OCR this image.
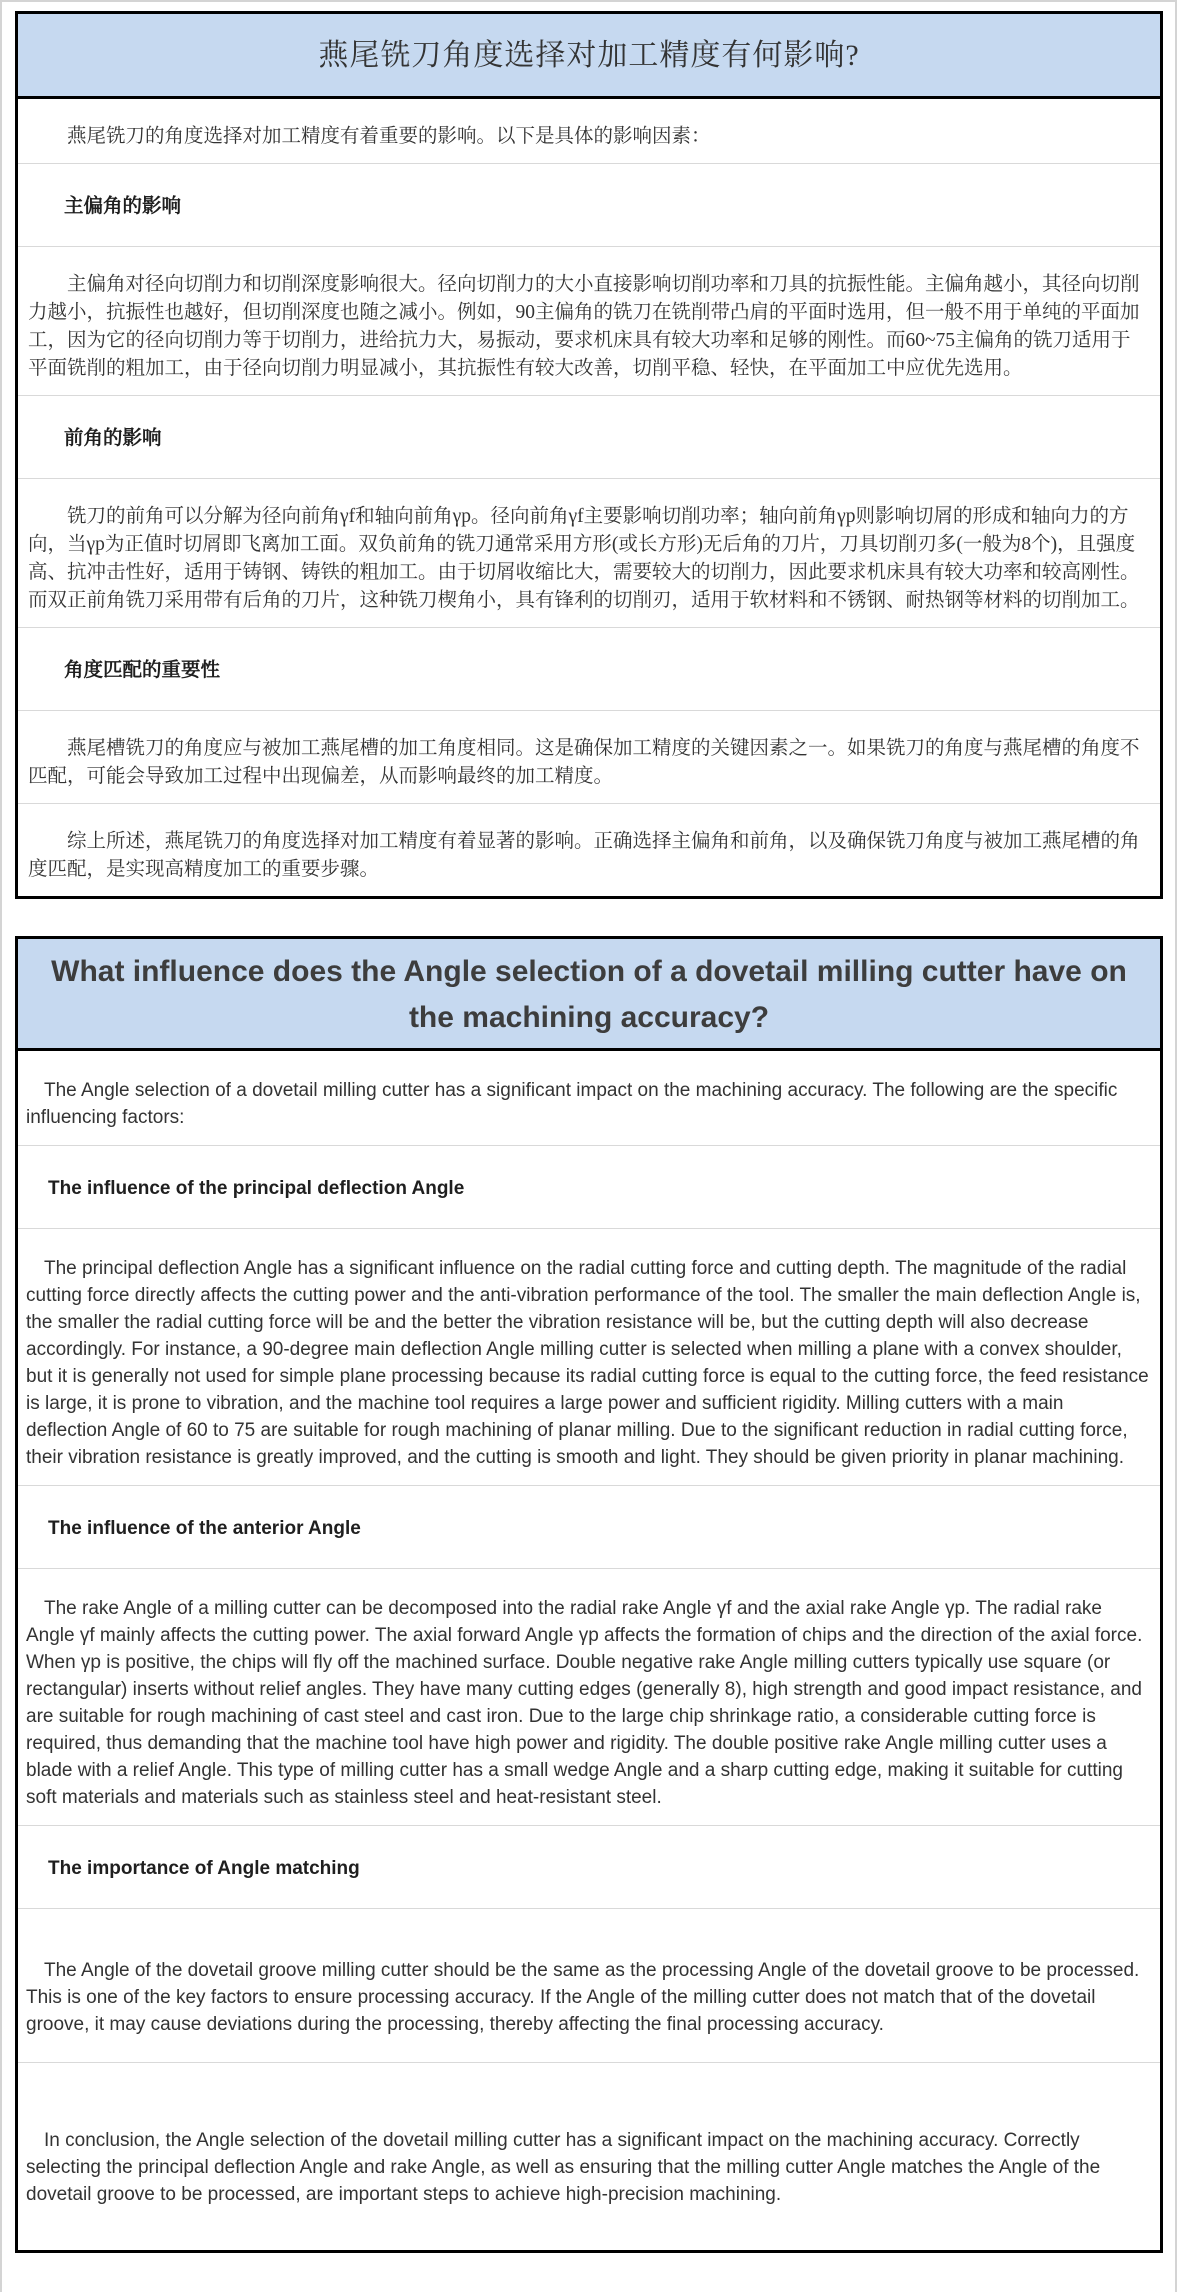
燕尾铣刀角度选择对加工精度有何影响?

燕尾铣刀的角度选择对加工精度有着重要的影响。以下是具体的影响因素：

主偏角的影响

主偏角对径向切削力和切削深度影响很大。径向切削力的大小直接影响切削功率和刀具的抗振性能。主偏角越小，其径向切削力越小，抗振性也越好，但切削深度也随之减小。例如，90主偏角的铣刀在铣削带凸肩的平面时选用，但一般不用于单纯的平面加工，因为它的径向切削力等于切削力，进给抗力大，易振动，要求机床具有较大功率和足够的刚性。而60~75主偏角的铣刀适用于平面铣削的粗加工，由于径向切削力明显减小，其抗振性有较大改善，切削平稳、轻快，在平面加工中应优先选用。

前角的影响

铣刀的前角可以分解为径向前角γf和轴向前角γp。径向前角γf主要影响切削功率；轴向前角γp则影响切屑的形成和轴向力的方向，当γp为正值时切屑即飞离加工面。双负前角的铣刀通常采用方形(或长方形)无后角的刀片，刀具切削刃多(一般为8个)，且强度高、抗冲击性好，适用于铸钢、铸铁的粗加工。由于切屑收缩比大，需要较大的切削力，因此要求机床具有较大功率和较高刚性。而双正前角铣刀采用带有后角的刀片，这种铣刀楔角小，具有锋利的切削刃，适用于软材料和不锈钢、耐热钢等材料的切削加工。

角度匹配的重要性

燕尾槽铣刀的角度应与被加工燕尾槽的加工角度相同。这是确保加工精度的关键因素之一。如果铣刀的角度与燕尾槽的角度不匹配，可能会导致加工过程中出现偏差，从而影响最终的加工精度。

综上所述，燕尾铣刀的角度选择对加工精度有着显著的影响。正确选择主偏角和前角，以及确保铣刀角度与被加工燕尾槽的角度匹配，是实现高精度加工的重要步骤。

What influence does the Angle selection of a dovetail milling cutter have on the machining accuracy?

The Angle selection of a dovetail milling cutter has a significant impact on the machining accuracy. The following are the specific influencing factors:

The influence of the principal deflection Angle

The principal deflection Angle has a significant influence on the radial cutting force and cutting depth. The magnitude of the radial cutting force directly affects the cutting power and the anti-vibration performance of the tool. The smaller the main deflection Angle is, the smaller the radial cutting force will be and the better the vibration resistance will be, but the cutting depth will also decrease accordingly. For instance, a 90-degree main deflection Angle milling cutter is selected when milling a plane with a convex shoulder, but it is generally not used for simple plane processing because its radial cutting force is equal to the cutting force, the feed resistance is large, it is prone to vibration, and the machine tool requires a large power and sufficient rigidity. Milling cutters with a main deflection Angle of 60 to 75 are suitable for rough machining of planar milling. Due to the significant reduction in radial cutting force, their vibration resistance is greatly improved, and the cutting is smooth and light. They should be given priority in planar machining.

The influence of the anterior Angle

The rake Angle of a milling cutter can be decomposed into the radial rake Angle γf and the axial rake Angle γp. The radial rake Angle γf mainly affects the cutting power. The axial forward Angle γp affects the formation of chips and the direction of the axial force. When γp is positive, the chips will fly off the machined surface. Double negative rake Angle milling cutters typically use square (or rectangular) inserts without relief angles. They have many cutting edges (generally 8), high strength and good impact resistance, and are suitable for rough machining of cast steel and cast iron. Due to the large chip shrinkage ratio, a considerable cutting force is required, thus demanding that the machine tool have high power and rigidity. The double positive rake Angle milling cutter uses a blade with a relief Angle. This type of milling cutter has a small wedge Angle and a sharp cutting edge, making it suitable for cutting soft materials and materials such as stainless steel and heat-resistant steel.

The importance of Angle matching

The Angle of the dovetail groove milling cutter should be the same as the processing Angle of the dovetail groove to be processed. This is one of the key factors to ensure processing accuracy. If the Angle of the milling cutter does not match that of the dovetail groove, it may cause deviations during the processing, thereby affecting the final processing accuracy.

In conclusion, the Angle selection of the dovetail milling cutter has a significant impact on the machining accuracy. Correctly selecting the principal deflection Angle and rake Angle, as well as ensuring that the milling cutter Angle matches the Angle of the dovetail groove to be processed, are important steps to achieve high-precision machining.
